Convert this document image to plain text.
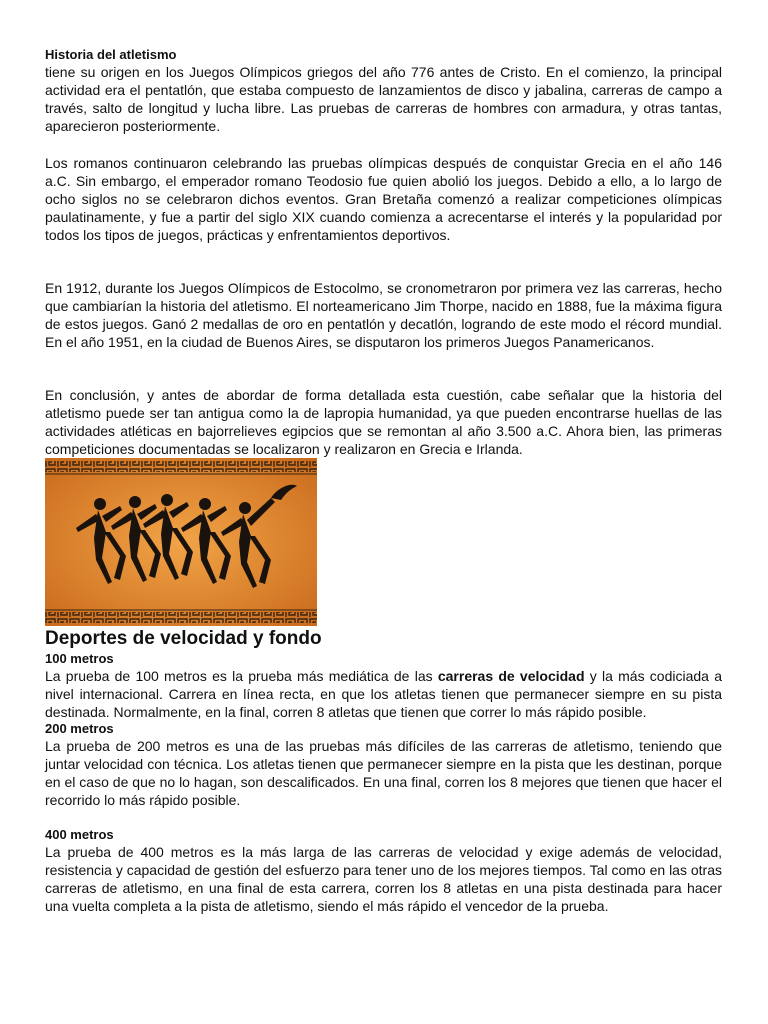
Historia del atletismo

tiene su origen en los Juegos Olímpicos griegos del año 776 antes de Cristo. En el comienzo, la principal actividad era el pentatlón, que estaba compuesto de lanzamientos de disco y jabalina, carreras de campo a través, salto de longitud y lucha libre. Las pruebas de carreras de hombres con armadura, y otras tantas, aparecieron posteriormente.

Los romanos continuaron celebrando las pruebas olímpicas después de conquistar Grecia en el año 146 a.C. Sin embargo, el emperador romano Teodosio fue quien abolió los juegos. Debido a ello, a lo largo de ocho siglos no se celebraron dichos eventos. Gran Bretaña comenzó a realizar competiciones olímpicas paulatinamente, y fue a partir del siglo XIX cuando comienza a acrecentarse el interés y la popularidad por todos los tipos de juegos, prácticas y enfrentamientos deportivos.

En 1912, durante los Juegos Olímpicos de Estocolmo, se cronometraron por primera vez las carreras, hecho que cambiarían la historia del atletismo. El norteamericano Jim Thorpe, nacido en 1888, fue la máxima figura de estos juegos. Ganó 2 medallas de oro en pentatlón y decatlón, logrando de este modo el récord mundial. En el año 1951, en la ciudad de Buenos Aires, se disputaron los primeros Juegos Panamericanos.

En conclusión, y antes de abordar de forma detallada esta cuestión, cabe señalar que la historia del atletismo puede ser tan antigua como la de lapropia humanidad, ya que pueden encontrarse huellas de las actividades atléticas en bajorrelieves egipcios que se remontan al año 3.500 a.C. Ahora bien, las primeras competiciones documentadas se localizaron y realizaron en Grecia e Irlanda.

Deportes de velocidad y fondo
100 metros

La prueba de 100 metros es la prueba más mediática de las carreras de velocidad y la más codiciada a nivel internacional. Carrera en línea recta, en que los atletas tienen que permanecer siempre en su pista destinada. Normalmente, en la final, corren 8 atletas que tienen que correr lo más rápido posible.

200 metros

La prueba de 200 metros es una de las pruebas más difíciles de las carreras de atletismo, teniendo que juntar velocidad con técnica. Los atletas tienen que permanecer siempre en la pista que les destinan, porque en el caso de que no lo hagan, son descalificados. En una final, corren los 8 mejores que tienen que hacer el recorrido lo más rápido posible.

400 metros

La prueba de 400 metros es la más larga de las carreras de velocidad y exige además de velocidad, resistencia y capacidad de gestión del esfuerzo para tener uno de los mejores tiempos. Tal como en las otras carreras de atletismo, en una final de esta carrera, corren los 8 atletas en una pista destinada para hacer una vuelta completa a la pista de atletismo, siendo el más rápido el vencedor de la prueba.
